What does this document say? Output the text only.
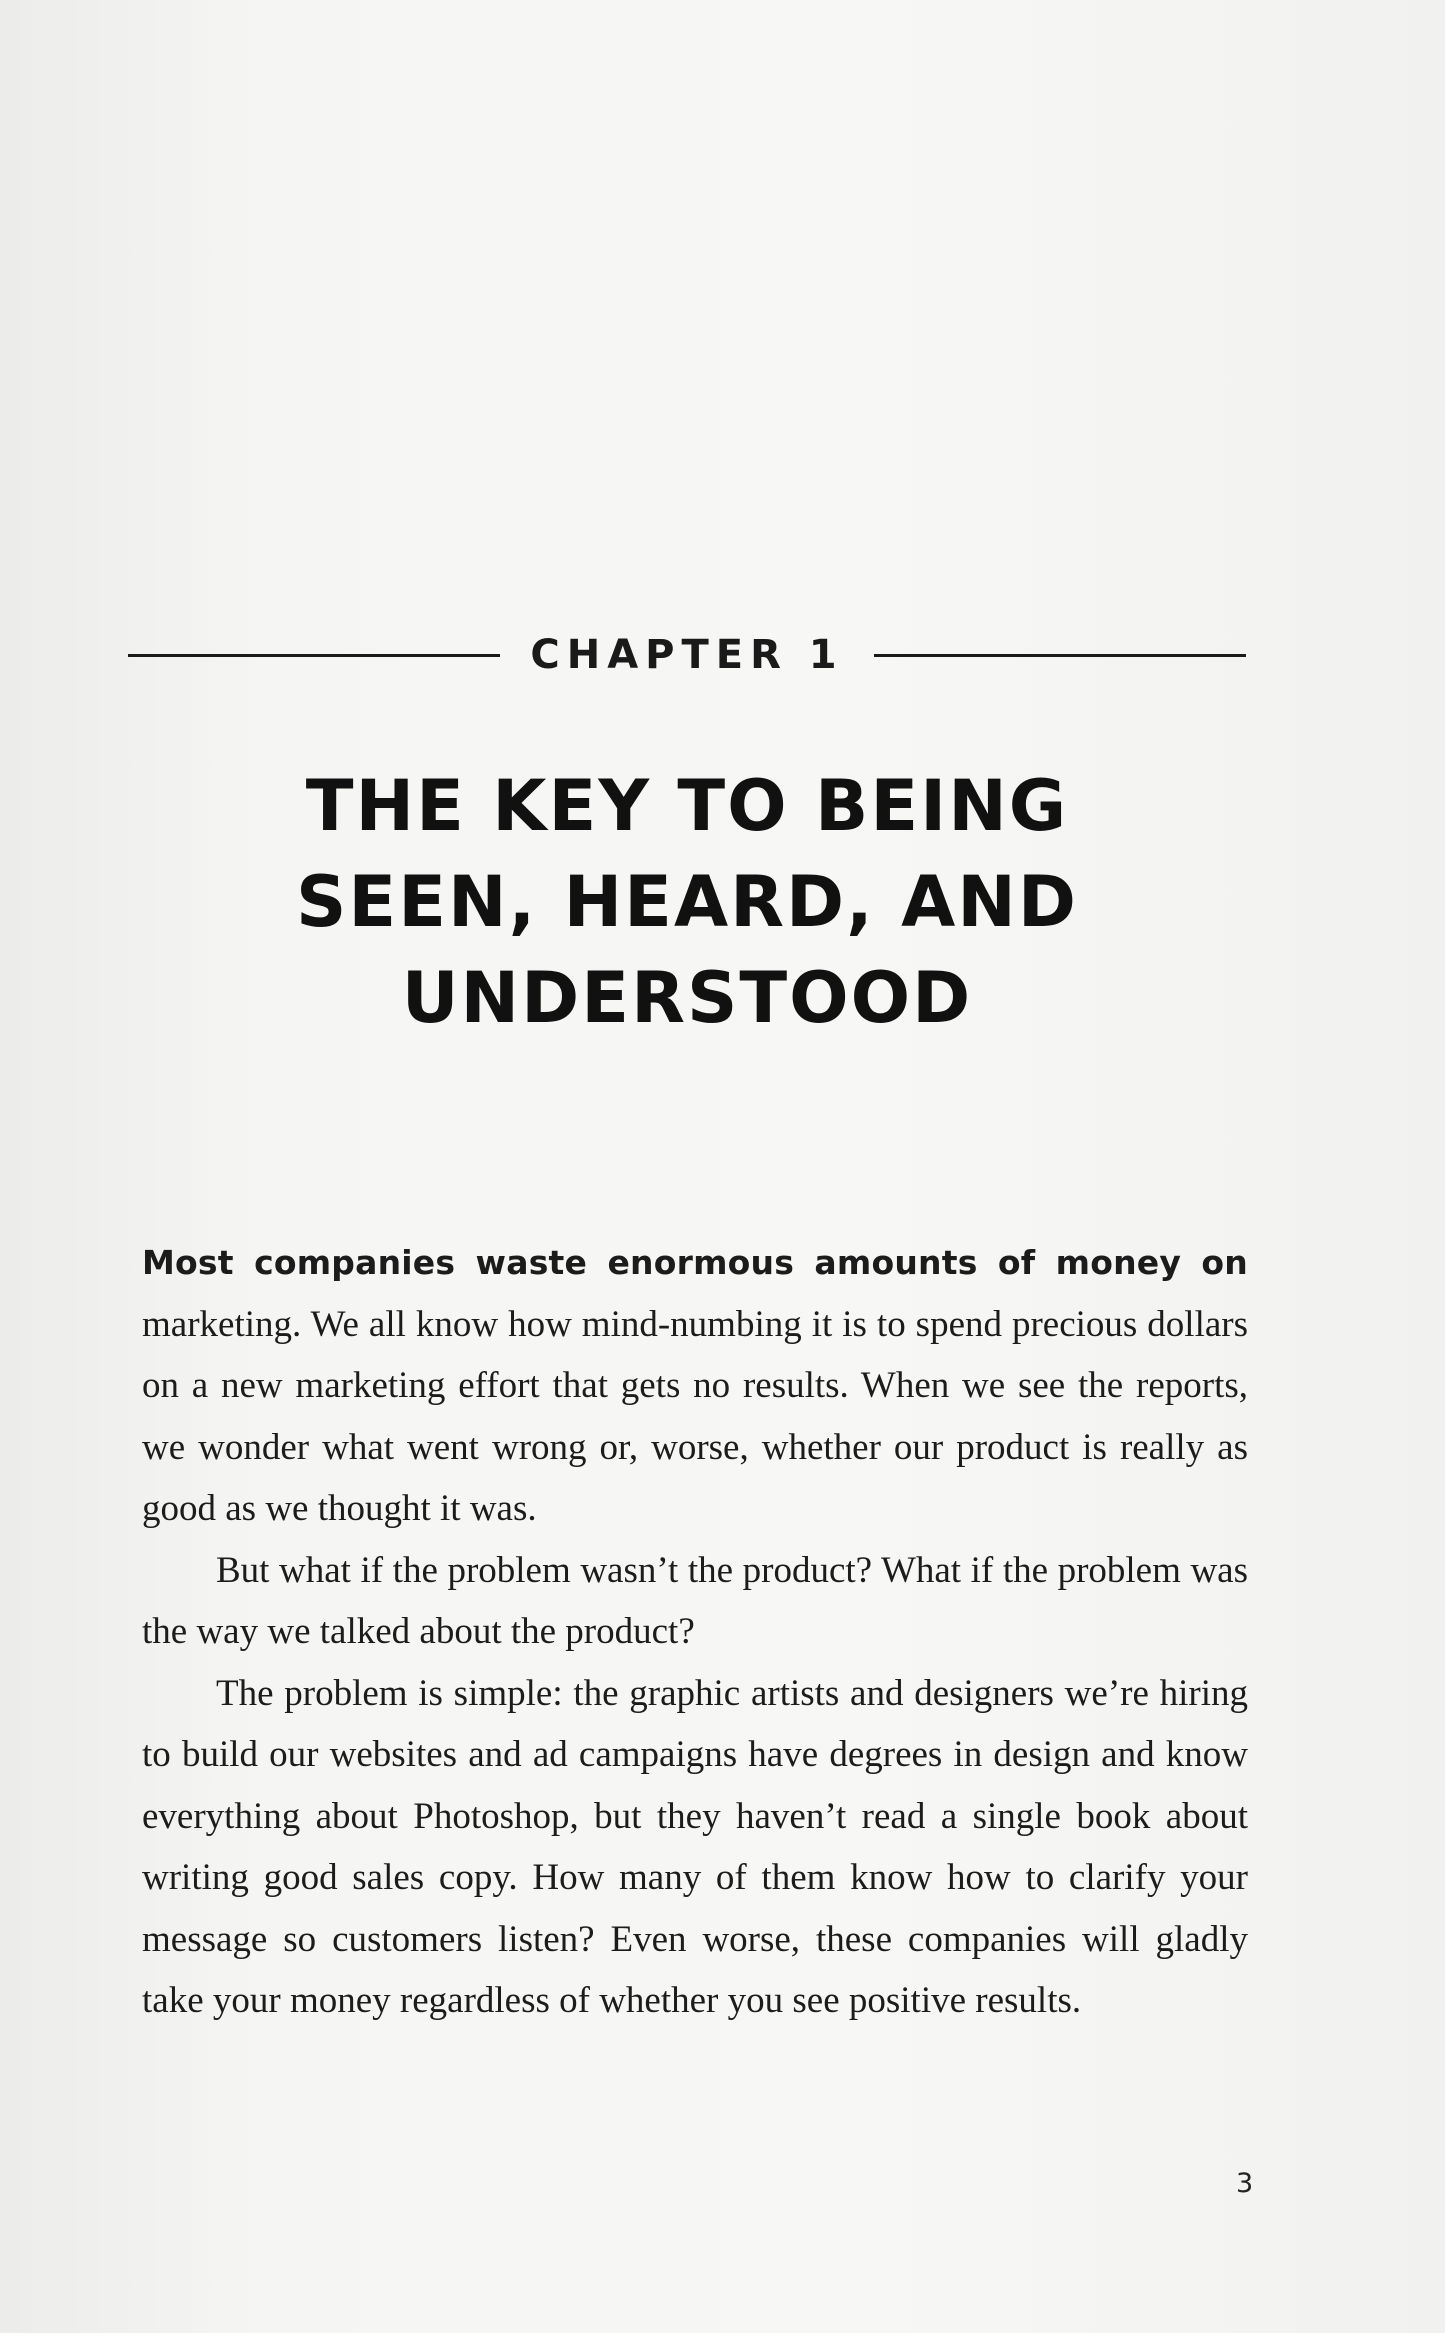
CHAPTER 1
THE KEY TO BEING
SEEN, HEARD, AND
UNDERSTOOD

Most companies waste enormous amounts of money on marketing. We all know how mind-numbing it is to spend precious dollars on a new marketing effort that gets no results. When we see the reports, we wonder what went wrong or, worse, whether our product is really as good as we thought it was.

But what if the problem wasn’t the product? What if the problem was the way we talked about the product?

The problem is simple: the graphic artists and designers we’re hiring to build our websites and ad campaigns have degrees in design and know everything about Photoshop, but they haven’t read a single book about writing good sales copy. How many of them know how to clarify your message so customers listen? Even worse, these companies will gladly take your money regardless of whether you see positive results.

3
